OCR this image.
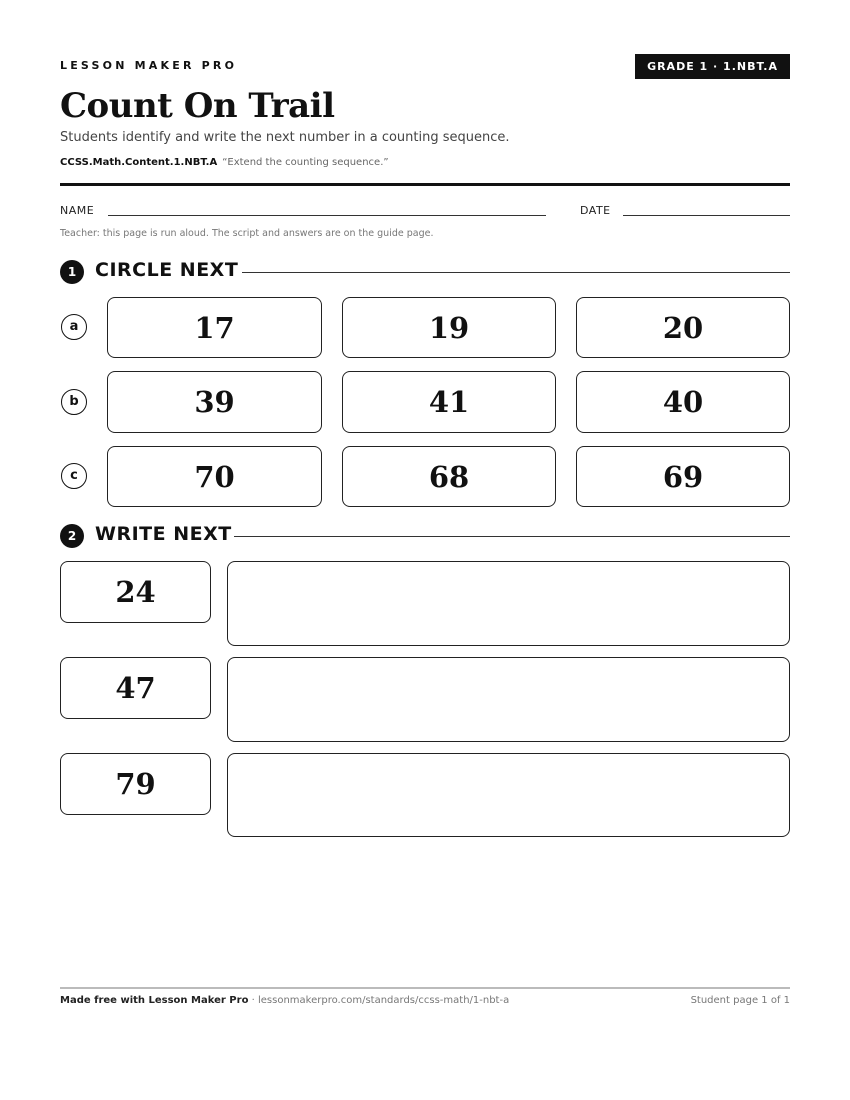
LESSON MAKER PRO	GRADE 1 · 1.NBT.A
Count On Trail
Students identify and write the next number in a counting sequence.
CCSS.Math.Content.1.NBT.A “Extend the counting sequence.”
NAME	DATE
Teacher: this page is run aloud. The script and answers are on the guide page.
1 CIRCLE NEXT
a	17	19	20
b	39	41	40
c	70	68	69
2 WRITE NEXT
24
47
79
Made free with Lesson Maker Pro · lessonmakerpro.com/standards/ccss-math/1-nbt-a	Student page 1 of 1
